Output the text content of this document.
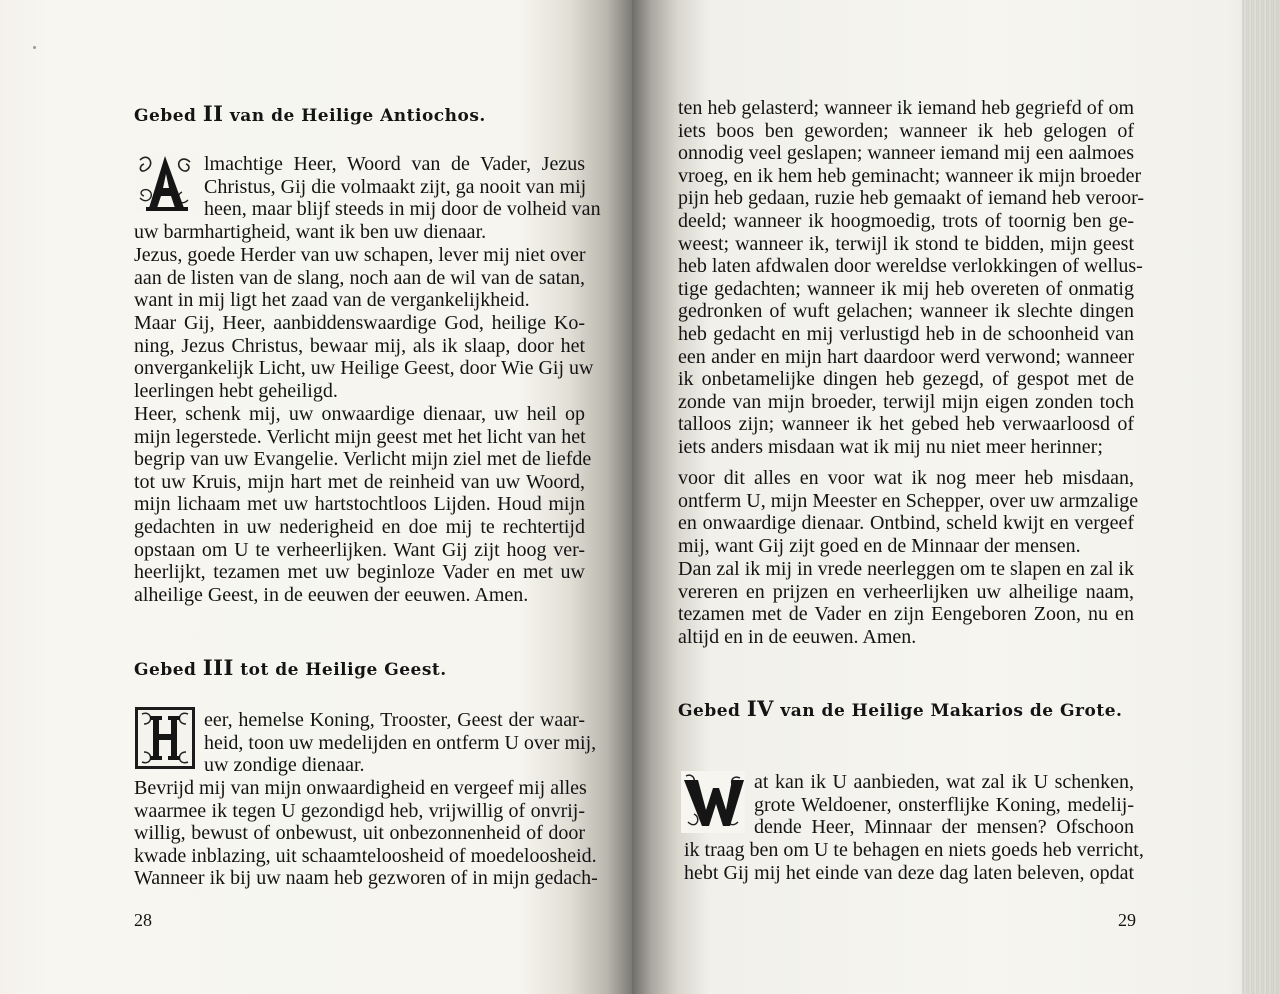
Gebed II van de Heilige Antiochos.
lmachtige Heer, Woord van de Vader, Jezus
Christus, Gij die volmaakt zijt, ga nooit van mij
heen, maar blijf steeds in mij door de volheid van
uw barmhartigheid, want ik ben uw dienaar.
Jezus, goede Herder van uw schapen, lever mij niet over
aan de listen van de slang, noch aan de wil van de satan,
want in mij ligt het zaad van de vergankelijkheid.
Maar Gij, Heer, aanbiddenswaardige God, heilige Ko-
ning, Jezus Christus, bewaar mij, als ik slaap, door het
onvergankelijk Licht, uw Heilige Geest, door Wie Gij uw
leerlingen hebt geheiligd.
Heer, schenk mij, uw onwaardige dienaar, uw heil op
mijn legerstede. Verlicht mijn geest met het licht van het
begrip van uw Evangelie. Verlicht mijn ziel met de liefde
tot uw Kruis, mijn hart met de reinheid van uw Woord,
mijn lichaam met uw hartstochtloos Lijden. Houd mijn
gedachten in uw nederigheid en doe mij te rechtertijd
opstaan om U te verheerlijken. Want Gij zijt hoog ver-
heerlijkt, tezamen met uw beginloze Vader en met uw
alheilige Geest, in de eeuwen der eeuwen. Amen.
Gebed III tot de Heilige Geest.
eer, hemelse Koning, Trooster, Geest der waar-
heid, toon uw medelijden en ontferm U over mij,
uw zondige dienaar.
Bevrijd mij van mijn onwaardigheid en vergeef mij alles
waarmee ik tegen U gezondigd heb, vrijwillig of onvrij-
willig, bewust of onbewust, uit onbezonnenheid of door
kwade inblazing, uit schaamteloosheid of moedeloosheid.
Wanneer ik bij uw naam heb gezworen of in mijn gedach-
28
ten heb gelasterd; wanneer ik iemand heb gegriefd of om
iets boos ben geworden; wanneer ik heb gelogen of
onnodig veel geslapen; wanneer iemand mij een aalmoes
vroeg, en ik hem heb geminacht; wanneer ik mijn broeder
pijn heb gedaan, ruzie heb gemaakt of iemand heb veroor-
deeld; wanneer ik hoogmoedig, trots of toornig ben ge-
weest; wanneer ik, terwijl ik stond te bidden, mijn geest
heb laten afdwalen door wereldse verlokkingen of wellus-
tige gedachten; wanneer ik mij heb overeten of onmatig
gedronken of wuft gelachen; wanneer ik slechte dingen
heb gedacht en mij verlustigd heb in de schoonheid van
een ander en mijn hart daardoor werd verwond; wanneer
ik onbetamelijke dingen heb gezegd, of gespot met de
zonde van mijn broeder, terwijl mijn eigen zonden toch
talloos zijn; wanneer ik het gebed heb verwaarloosd of
iets anders misdaan wat ik mij nu niet meer herinner;
voor dit alles en voor wat ik nog meer heb misdaan,
ontferm U, mijn Meester en Schepper, over uw armzalige
en onwaardige dienaar. Ontbind, scheld kwijt en vergeef
mij, want Gij zijt goed en de Minnaar der mensen.
Dan zal ik mij in vrede neerleggen om te slapen en zal ik
vereren en prijzen en verheerlijken uw alheilige naam,
tezamen met de Vader en zijn Eengeboren Zoon, nu en
altijd en in de eeuwen. Amen.
Gebed IV van de Heilige Makarios de Grote.
at kan ik U aanbieden, wat zal ik U schenken,
grote Weldoener, onsterflijke Koning, medelij-
dende Heer, Minnaar der mensen? Ofschoon
ik traag ben om U te behagen en niets goeds heb verricht,
hebt Gij mij het einde van deze dag laten beleven, opdat
29
